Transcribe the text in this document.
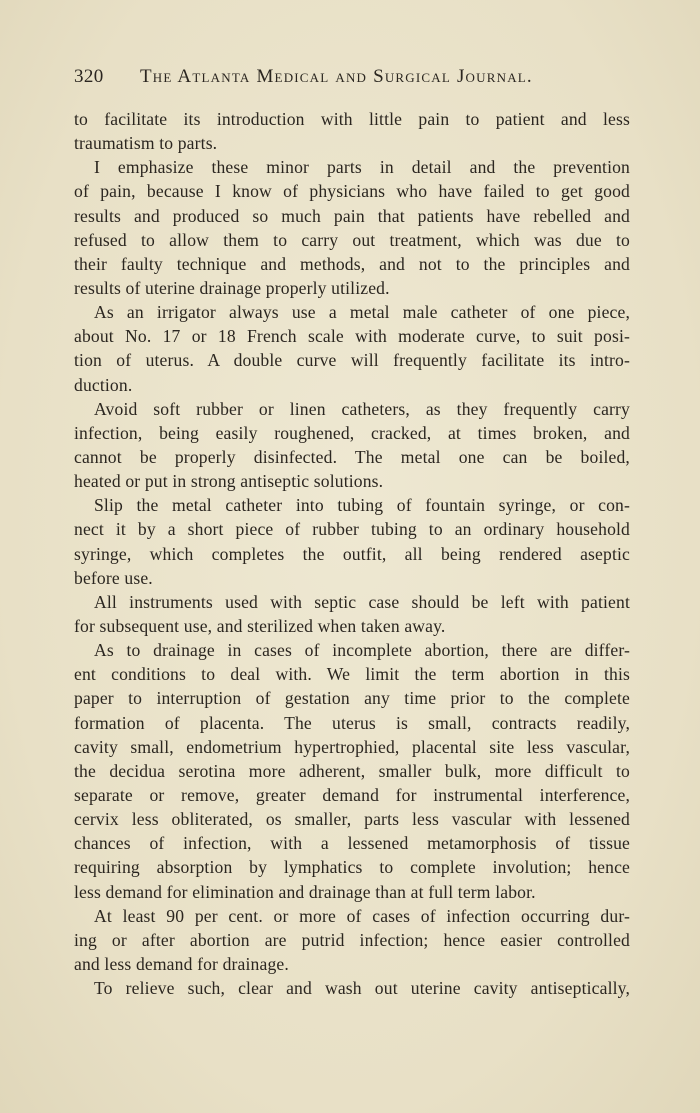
320 The Atlanta Medical and Surgical Journal.
to facilitate its introduction with little pain to patient and less
traumatism to parts.
I emphasize these minor parts in detail and the prevention
of pain, because I know of physicians who have failed to get good
results and produced so much pain that patients have rebelled and
refused to allow them to carry out treatment, which was due to
their faulty technique and methods, and not to the principles and
results of uterine drainage properly utilized.
As an irrigator always use a metal male catheter of one piece,
about No. 17 or 18 French scale with moderate curve, to suit posi-
tion of uterus. A double curve will frequently facilitate its intro-
duction.
Avoid soft rubber or linen catheters, as they frequently carry
infection, being easily roughened, cracked, at times broken, and
cannot be properly disinfected. The metal one can be boiled,
heated or put in strong antiseptic solutions.
Slip the metal catheter into tubing of fountain syringe, or con-
nect it by a short piece of rubber tubing to an ordinary household
syringe, which completes the outfit, all being rendered aseptic
before use.
All instruments used with septic case should be left with patient
for subsequent use, and sterilized when taken away.
As to drainage in cases of incomplete abortion, there are differ-
ent conditions to deal with. We limit the term abortion in this
paper to interruption of gestation any time prior to the complete
formation of placenta. The uterus is small, contracts readily,
cavity small, endometrium hypertrophied, placental site less vascular,
the decidua serotina more adherent, smaller bulk, more difficult to
separate or remove, greater demand for instrumental interference,
cervix less obliterated, os smaller, parts less vascular with lessened
chances of infection, with a lessened metamorphosis of tissue
requiring absorption by lymphatics to complete involution; hence
less demand for elimination and drainage than at full term labor.
At least 90 per cent. or more of cases of infection occurring dur-
ing or after abortion are putrid infection; hence easier controlled
and less demand for drainage.
To relieve such, clear and wash out uterine cavity antiseptically,
